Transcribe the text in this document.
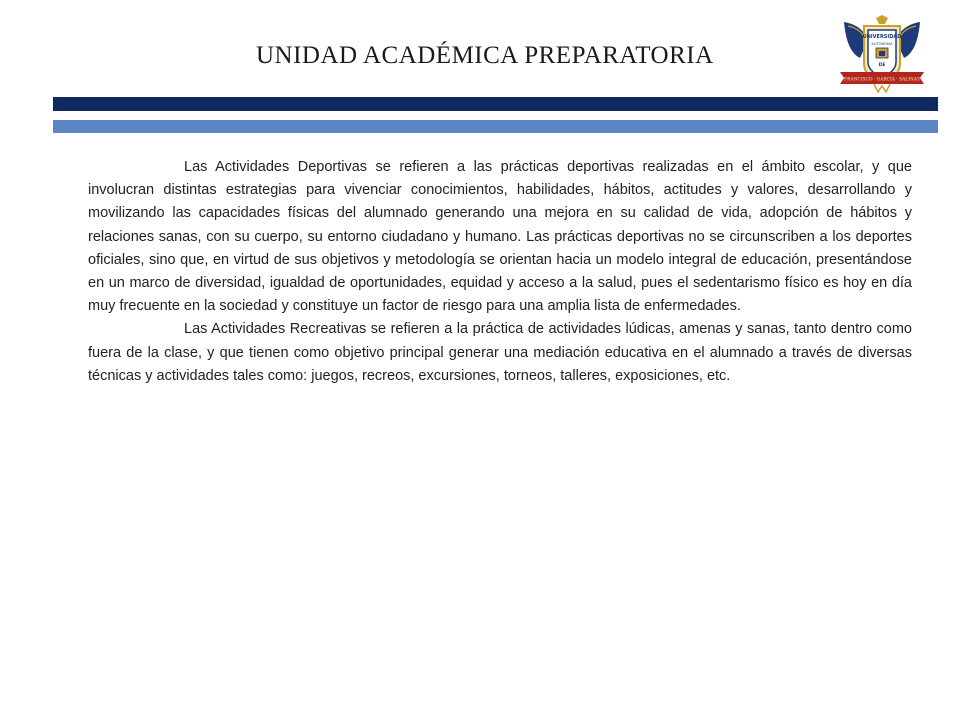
UNIDAD ACADÉMICA PREPARATORIA
UNIVERSIDAD
AUTÓNOMA
DE
FRANCISCO · GARCÍA · SALINAS

Las Actividades Deportivas se refieren a las prácticas deportivas realizadas en el ámbito escolar, y que involucran distintas estrategias para vivenciar conocimientos, habilidades, hábitos, actitudes y valores, desarrollando y movilizando las capacidades físicas del alumnado generando una mejora en su calidad de vida, adopción de hábitos y relaciones sanas, con su cuerpo, su entorno ciudadano y humano. Las prácticas deportivas no se circunscriben a los deportes oficiales, sino que, en virtud de sus objetivos y metodología se orientan hacia un modelo integral de educación, presentándose en un marco de diversidad, igualdad de oportunidades, equidad y acceso a la salud, pues el sedentarismo físico es hoy en día muy frecuente en la sociedad y constituye un factor de riesgo para una amplia lista de enfermedades.

Las Actividades Recreativas se refieren a la práctica de actividades lúdicas, amenas y sanas, tanto dentro como fuera de la clase, y que tienen como objetivo principal generar una mediación educativa en el alumnado a través de diversas técnicas y actividades tales como: juegos, recreos, excursiones, torneos, talleres, exposiciones, etc.
